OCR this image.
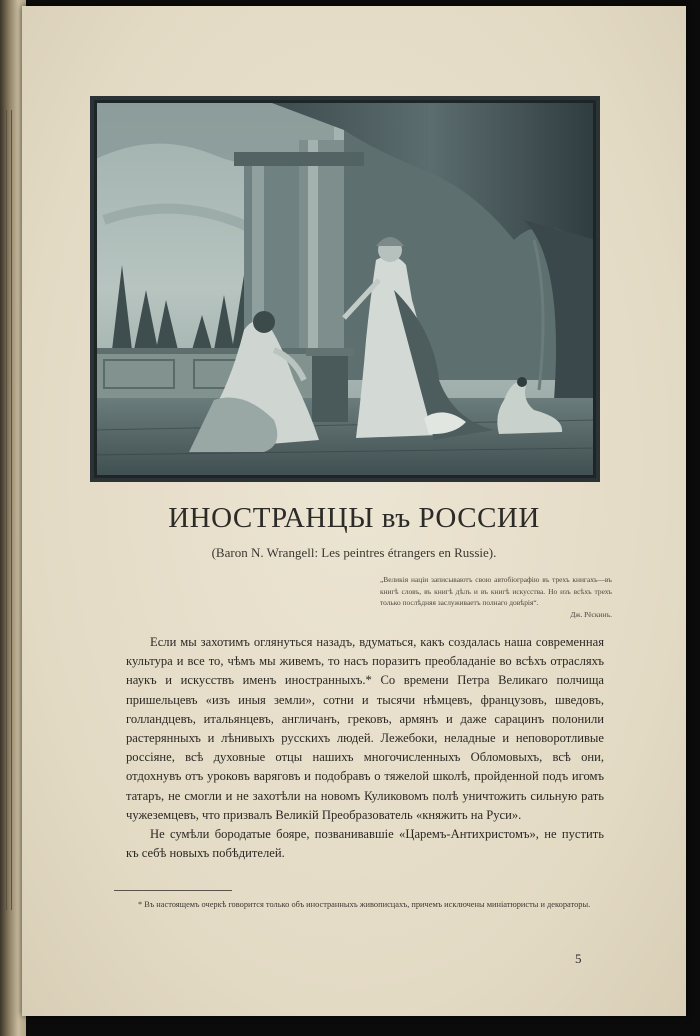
ИНОСТРАНЦЫ въ РОССИИ

(Baron N. Wrangell: Les peintres étrangers en Russie).

„Великія націи записываютъ свою автобіографію въ трехъ книгахъ—въ книгѣ словъ, въ книгѣ дѣлъ и въ книгѣ искусства. Но изъ всѣхъ трехъ только послѣдняя заслуживаетъ полнаго довѣрія“.
Дж. Рёскинъ.

Если мы захотимъ оглянуться назадъ, вдуматься, какъ создалась наша современная культура и все то, чѣмъ мы живемъ, то насъ поразитъ преобладаніе во всѣхъ отрасляхъ наукъ и искусствъ именъ иностранныхъ.* Со времени Петра Великаго полчища пришельцевъ «изъ иныя земли», сотни и тысячи нѣмцевъ, французовъ, шведовъ, голландцевъ, итальянцевъ, англичанъ, грековъ, армянъ и даже сарацинъ полонили растерянныхъ и лѣнивыхъ русскихъ людей. Лежебоки, неладные и неповоротливые россіяне, всѣ духовные отцы нашихъ многочисленныхъ Обломовыхъ, всѣ они, отдохнувъ отъ уроковъ варяговъ и подобравъ о тяжелой школѣ, пройденной подъ игомъ татаръ, не смогли и не захотѣли на новомъ Куликовомъ полѣ уничтожить сильную рать чужеземцевъ, что призвалъ Великій Преобразователь «княжить на Руси».

Не сумѣли бородатые бояре, позванивавшіе «Царемъ-Антихристомъ», не пустить къ себѣ новыхъ побѣдителей.

* Въ настоящемъ очеркѣ говорится только объ иностранныхъ живописцахъ, причемъ исключены миніатюристы и декораторы.

5
